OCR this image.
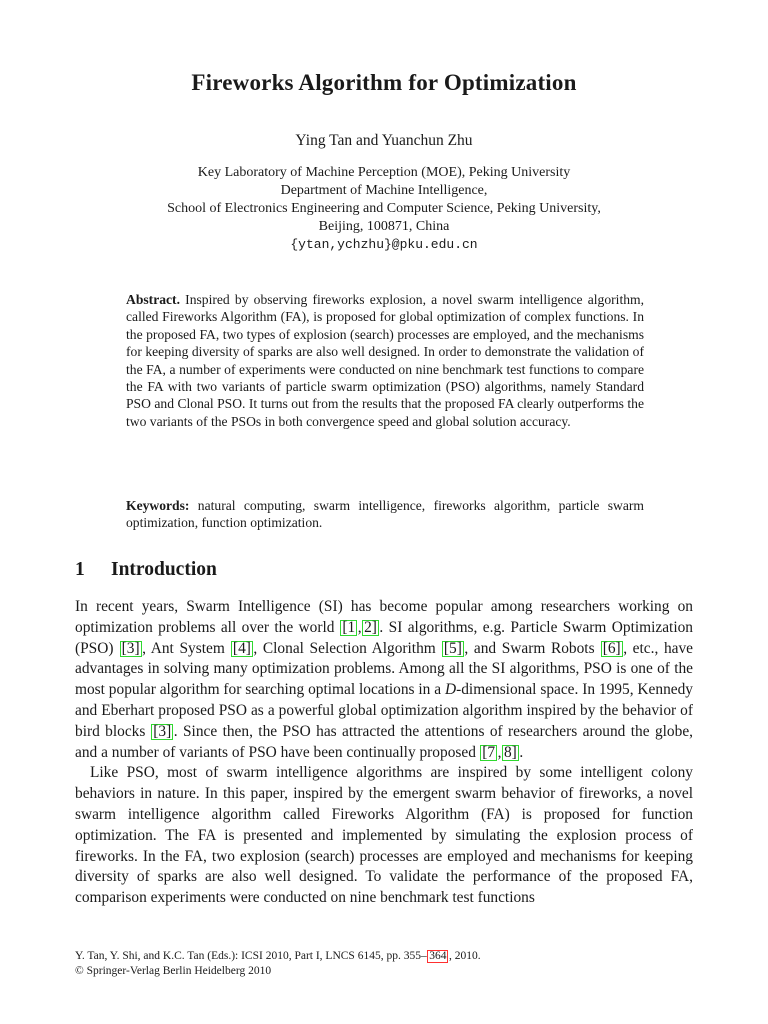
Fireworks Algorithm for Optimization
Ying Tan and Yuanchun Zhu
Key Laboratory of Machine Perception (MOE), Peking University
Department of Machine Intelligence,
School of Electronics Engineering and Computer Science, Peking University,
Beijing, 100871, China
{ytan,ychzhu}@pku.edu.cn
Abstract. Inspired by observing fireworks explosion, a novel swarm intelligence algorithm, called Fireworks Algorithm (FA), is proposed for global optimization of complex functions. In the proposed FA, two types of explosion (search) processes are employed, and the mechanisms for keeping diversity of sparks are also well designed. In order to demonstrate the validation of the FA, a number of experiments were conducted on nine benchmark test functions to compare the FA with two variants of particle swarm optimization (PSO) algorithms, namely Standard PSO and Clonal PSO. It turns out from the results that the proposed FA clearly outperforms the two variants of the PSOs in both convergence speed and global solution accuracy.
Keywords: natural computing, swarm intelligence, fireworks algorithm, particle swarm optimization, function optimization.
1 Introduction

In recent years, Swarm Intelligence (SI) has become popular among researchers working on optimization problems all over the world [1 , 2] . SI algorithms, e.g. Particle Swarm Optimization (PSO) [3] , Ant System [4] , Clonal Selection Algorithm [5] , and Swarm Robots [6] , etc., have advantages in solving many optimization problems. Among all the SI algorithms, PSO is one of the most popular algorithm for searching optimal locations in a D-dimensional space. In 1995, Kennedy and Eberhart proposed PSO as a powerful global optimization algorithm inspired by the behavior of bird blocks [3] . Since then, the PSO has attracted the attentions of researchers around the globe, and a number of variants of PSO have been continually proposed [7 , 8] .

Like PSO, most of swarm intelligence algorithms are inspired by some intelligent colony behaviors in nature. In this paper, inspired by the emergent swarm behavior of fireworks, a novel swarm intelligence algorithm called Fireworks Algorithm (FA) is proposed for function optimization. The FA is presented and implemented by simulating the explosion process of fireworks. In the FA, two explosion (search) processes are employed and mechanisms for keeping diversity of sparks are also well designed. To validate the performance of the proposed FA, comparison experiments were conducted on nine benchmark test functions

Y. Tan, Y. Shi, and K.C. Tan (Eds.): ICSI 2010, Part I, LNCS 6145, pp. 355– 364 , 2010.
© Springer-Verlag Berlin Heidelberg 2010
